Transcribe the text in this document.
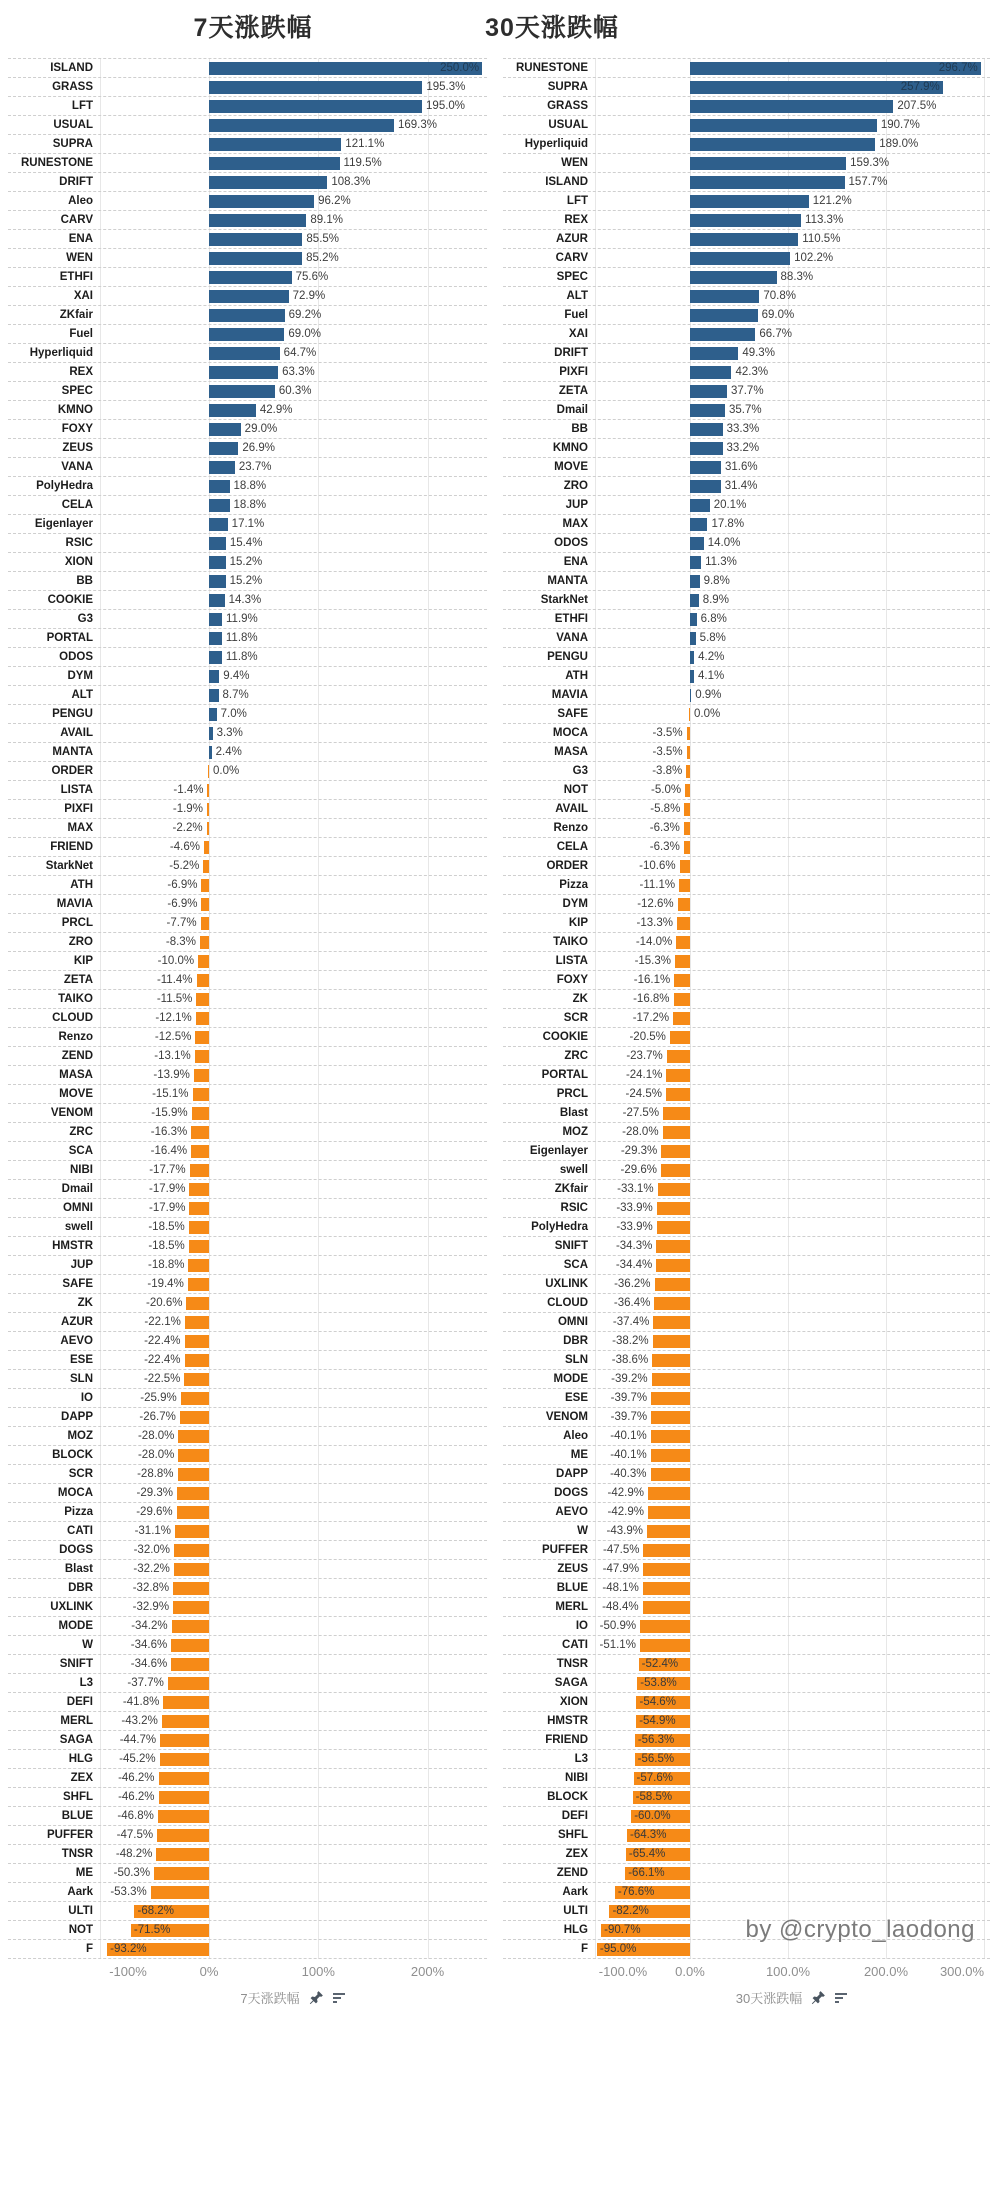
7天涨跌幅	30天涨跌幅
ISLAND	250.0%
GRASS	195.3%
LFT	195.0%
USUAL	169.3%
SUPRA	121.1%
RUNESTONE	119.5%
DRIFT	108.3%
Aleo	96.2%
CARV	89.1%
ENA	85.5%
WEN	85.2%
ETHFI	75.6%
XAI	72.9%
ZKfair	69.2%
Fuel	69.0%
Hyperliquid	64.7%
REX	63.3%
SPEC	60.3%
KMNO	42.9%
FOXY	29.0%
ZEUS	26.9%
VANA	23.7%
PolyHedra	18.8%
CELA	18.8%
Eigenlayer	17.1%
RSIC	15.4%
XION	15.2%
BB	15.2%
COOKIE	14.3%
G3	11.9%
PORTAL	11.8%
ODOS	11.8%
DYM	9.4%
ALT	8.7%
PENGU	7.0%
AVAIL	3.3%
MANTA	2.4%
ORDER	0.0%
LISTA	-1.4%
PIXFI	-1.9%
MAX	-2.2%
FRIEND	-4.6%
StarkNet	-5.2%
ATH	-6.9%
MAVIA	-6.9%
PRCL	-7.7%
ZRO	-8.3%
KIP	-10.0%
ZETA	-11.4%
TAIKO	-11.5%
CLOUD	-12.1%
Renzo	-12.5%
ZEND	-13.1%
MASA	-13.9%
MOVE	-15.1%
VENOM	-15.9%
ZRC	-16.3%
SCA	-16.4%
NIBI	-17.7%
Dmail	-17.9%
OMNI	-17.9%
swell	-18.5%
HMSTR	-18.5%
JUP	-18.8%
SAFE	-19.4%
ZK	-20.6%
AZUR	-22.1%
AEVO	-22.4%
ESE	-22.4%
SLN	-22.5%
IO	-25.9%
DAPP	-26.7%
MOZ	-28.0%
BLOCK	-28.0%
SCR	-28.8%
MOCA	-29.3%
Pizza	-29.6%
CATI	-31.1%
DOGS	-32.0%
Blast	-32.2%
DBR	-32.8%
UXLINK	-32.9%
MODE	-34.2%
W	-34.6%
SNIFT	-34.6%
L3	-37.7%
DEFI	-41.8%
MERL	-43.2%
SAGA	-44.7%
HLG	-45.2%
ZEX	-46.2%
SHFL	-46.2%
BLUE	-46.8%
PUFFER	-47.5%
TNSR	-48.2%
ME	-50.3%
Aark	-53.3%
ULTI	-68.2%
NOT	-71.5%
F	-93.2%
-100%	0%	100%	200%
7天涨跌幅
RUNESTONE	296.7%
SUPRA	257.9%
GRASS	207.5%
USUAL	190.7%
Hyperliquid	189.0%
WEN	159.3%
ISLAND	157.7%
LFT	121.2%
REX	113.3%
AZUR	110.5%
CARV	102.2%
SPEC	88.3%
ALT	70.8%
Fuel	69.0%
XAI	66.7%
DRIFT	49.3%
PIXFI	42.3%
ZETA	37.7%
Dmail	35.7%
BB	33.3%
KMNO	33.2%
MOVE	31.6%
ZRO	31.4%
JUP	20.1%
MAX	17.8%
ODOS	14.0%
ENA	11.3%
MANTA	9.8%
StarkNet	8.9%
ETHFI	6.8%
VANA	5.8%
PENGU	4.2%
ATH	4.1%
MAVIA	0.9%
SAFE	0.0%
MOCA	-3.5%
MASA	-3.5%
G3	-3.8%
NOT	-5.0%
AVAIL	-5.8%
Renzo	-6.3%
CELA	-6.3%
ORDER	-10.6%
Pizza	-11.1%
DYM	-12.6%
KIP	-13.3%
TAIKO	-14.0%
LISTA	-15.3%
FOXY	-16.1%
ZK	-16.8%
SCR	-17.2%
COOKIE	-20.5%
ZRC	-23.7%
PORTAL	-24.1%
PRCL	-24.5%
Blast	-27.5%
MOZ	-28.0%
Eigenlayer	-29.3%
swell	-29.6%
ZKfair	-33.1%
RSIC	-33.9%
PolyHedra	-33.9%
SNIFT	-34.3%
SCA	-34.4%
UXLINK	-36.2%
CLOUD	-36.4%
OMNI	-37.4%
DBR	-38.2%
SLN	-38.6%
MODE	-39.2%
ESE	-39.7%
VENOM	-39.7%
Aleo	-40.1%
ME	-40.1%
DAPP	-40.3%
DOGS	-42.9%
AEVO	-42.9%
W	-43.9%
PUFFER	-47.5%
ZEUS	-47.9%
BLUE	-48.1%
MERL	-48.4%
IO	-50.9%
CATI -51.1%
TNSR	-52.4%
SAGA	-53.8%
XION	-54.6%
HMSTR	-54.9%
FRIEND	-56.3%
L3	-56.5%
NIBI	-57.6%
BLOCK	-58.5%
DEFI	-60.0%
SHFL	-64.3%
ZEX	-65.4%
ZEND	-66.1%
Aark	-76.6%
ULTI	-82.2%
HLG	-90.7%
F	-95.0%
-100.0%	0.0%	100.0%	200.0%	300.0%
30天涨跌幅
by @crypto_laodong
